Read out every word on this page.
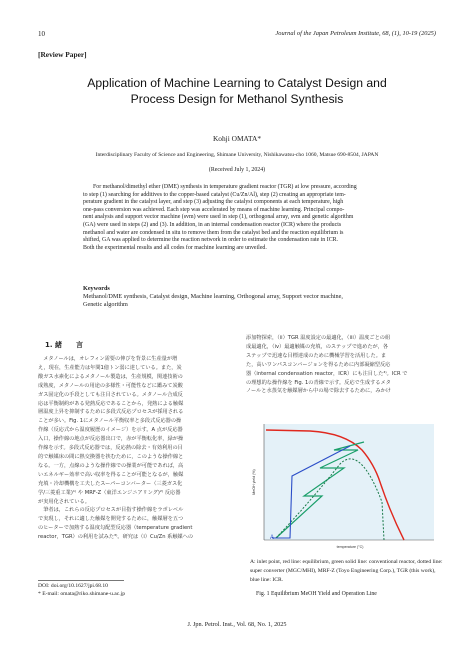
10	Journal of the Japan Petroleum Institute, 68, (1), 10-19 (2025)
[Review Paper]
Application of Machine Learning to Catalyst Design and
Process Design for Methanol Synthesis
Kohji OMATA*
Interdisciplinary Faculty of Science and Engineering, Shimane University, Nishikawatsu-cho 1060, Matsue 690-8504, JAPAN
(Received July 1, 2024)
For methanol/dimethyl ether (DME) synthesis in temperature gradient reactor (TGR) at low pressure, according
to step (1) searching for additives to the copper-based catalyst (Cu/Zn/Al), step (2) creating an appropriate tem-
perature gradient in the catalyst layer, and step (3) adjusting the catalyst components at each temperature, high
one-pass conversion was achieved. Each step was accelerated by means of machine learning. Principal compo-
nent analysis and support vector machine (svm) were used in step (1), orthogonal array, svm and genetic algorithm
(GA) were used in steps (2) and (3). In addition, in an internal condensation reactor (ICR) where the products
methanol and water are condensed in situ to remove them from the catalyst bed and the reaction equilibrium is
shifted, GA was applied to determine the reaction network in order to estimate the condensation rate in ICR.
Both the experimental results and all codes for machine learning are unveiled.
Keywords
Methanol/DME synthesis, Catalyst design, Machine learning, Orthogonal array, Support vector machine,
Genetic algorithm
1. 緒　　言
　メタノールは，オレフィン需要の伸びを背景に生産量が増
え，現在，生産能力は年間1億トン弱に達している。また，炭
酸ガス水素化によるメタノール製造は，生産規模，関連技術の
成熟度，メタノールの用途の多様性・可能性などに鑑みて炭酸
ガス固定化の手段としても注目されている。メタノール合成反
応は平衡制約がある発熱反応であることから，発熱による触媒
層温度上昇を抑制するために多段式反応プロセスが採用される
ことが多い。Fig. 1にメタノール平衡収率と多段式反応器の操
作線（反応式から温度履歴のイメージ）を示す。A 点が反応器
入口，操作線の地点が反応器出口で，赤が平衡転化率，緑が操
作線を示す。多段式反応器では，反応熱の除去・有効利用の目
的で触媒床の間に熱交換器を挟むために，このような操作線と
なる。一方，点線のような操作線での操業が可能であれば，高
いエネルギー効率で高い収率を得ることが可能となるが，触媒
充填・冷却機構を工夫したスーパーコンバーター（三菱ガス化
学/三菱重工業)¹⁾ や MRF-Z（東洋エンジニアリング)²⁾ 反応器
が実用化されている。
　筆者は，これらの反応プロセスが目指す操作線をラボレベル
で実現し，それに適した触媒を開発するために，触媒層を五つ
のヒーターで加熱する温度勾配型反応器（temperature gradient
reactor，TGR）の利用を試みた³⁾。研究は（i）Cu/Zn 系触媒への
添加物探索，（ii）TGR 温度設定の最適化，（iii）温度ごとの組
成最適化，（iv）最適触媒の充填，のステップで進めたが，各
ステップで迅速な目標達成のために機械学習を活用した。ま
た，高いワンパスコンバージョンを得るために内部凝縮型反応
器（internal condensation reactor，ICR）にも注目した⁴⁾。ICR で
の理想的な操作線を Fig. 1の青線で示す。反応で生成するメタ
ノールと水蒸気を触媒層から中の場で除去するために，みかけ
A
MeOH yield (%)
temperature (°C)
A: inlet point, red line: equilibrium, green solid line: conventional reactor, dotted line: super converter (MGC/MHI), MRF-Z (Toyo Engineering Corp.), TGR (this work), blue line: ICR.
Fig. 1 Equilibrium MeOH Yield and Operation Line
DOI: doi.org/10.1627/jpi.68.10
* E-mail: omata@riko.shimane-u.ac.jp
J. Jpn. Petrol. Inst., Vol. 68, No. 1, 2025
